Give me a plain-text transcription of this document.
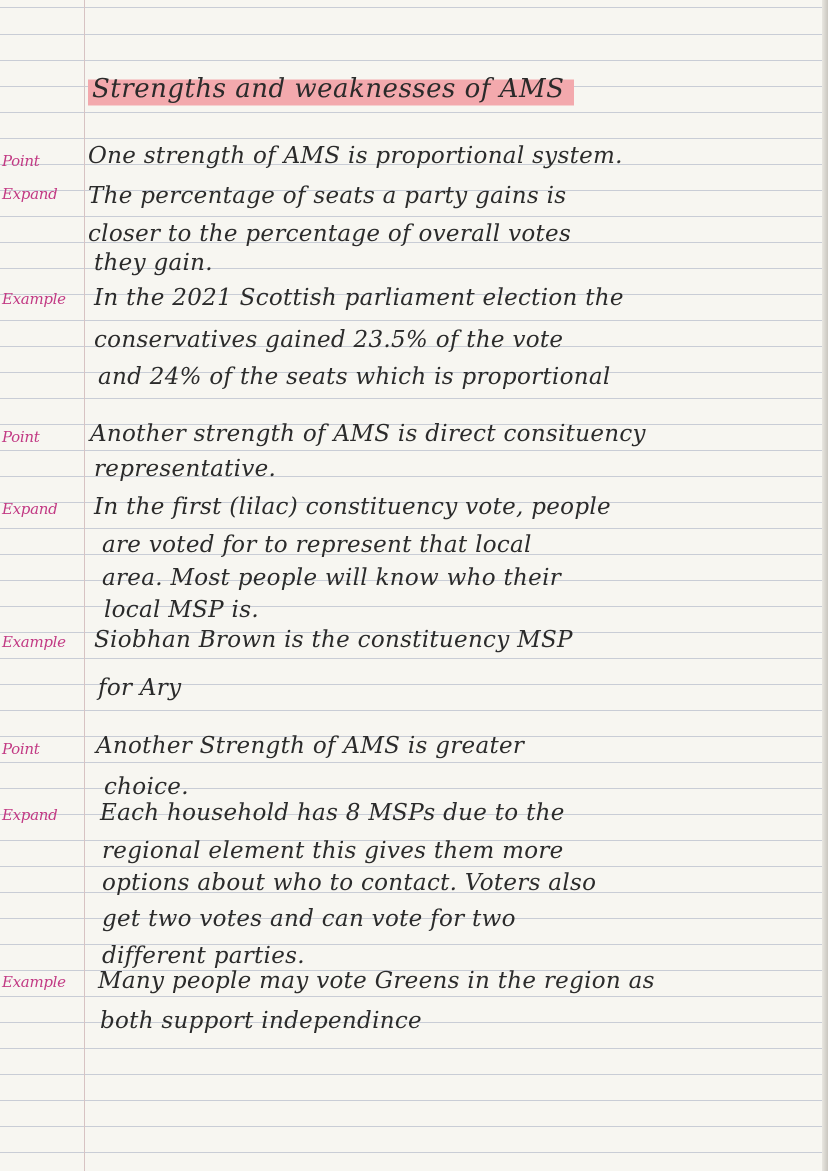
Strengths and weaknesses of AMS
Point One strength of AMS is proportional system.
Expand The percentage of seats a party gains is
closer to the percentage of overall votes
they gain.
Example In the 2021 Scottish parliament election the
conservatives gained 23.5% of the vote
and 24% of the seats which is proportional
Point Another strength of AMS is direct consituency
representative.
Expand In the first (lilac) constituency vote, people
are voted for to represent that local
area. Most people will know who their
local MSP is.
Example Siobhan Brown is the constituency MSP
for Ary
Point Another Strength of AMS is greater
choice.
Expand Each household has 8 MSPs due to the
regional element this gives them more
options about who to contact. Voters also
get two votes and can vote for two
different parties.
Example Many people may vote Greens in the region as
both support independince
